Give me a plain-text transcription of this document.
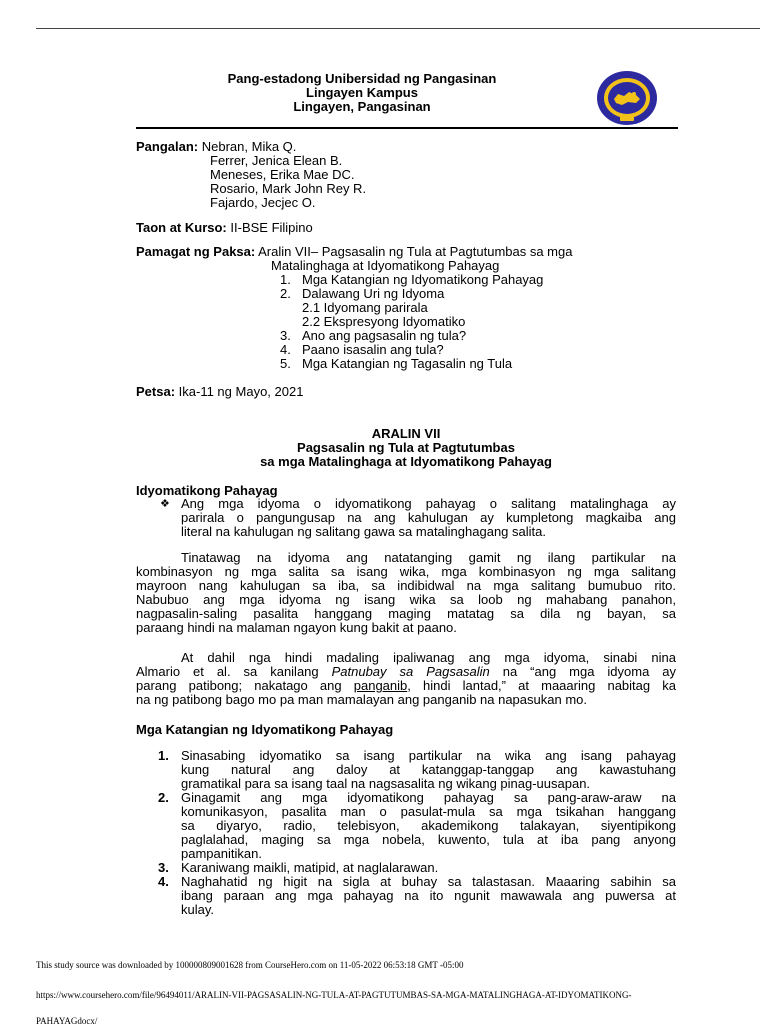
Pang-estadong Unibersidad ng Pangasinan
Lingayen Kampus
Lingayen, Pangasinan
Pangalan: Nebran, Mika Q.
Ferrer, Jenica Elean B.
Meneses, Erika Mae DC.
Rosario, Mark John Rey R.
Fajardo, Jecjec O.
Taon at Kurso: II-BSE Filipino
Pamagat ng Paksa: Aralin VII– Pagsasalin ng Tula at Pagtutumbas sa mga
Matalinghaga at Idyomatikong Pahayag
1. Mga Katangian ng Idyomatikong Pahayag
2. Dalawang Uri ng Idyoma
2.1 Idyomang parirala
2.2 Ekspresyong Idyomatiko
3. Ano ang pagsasalin ng tula?
4. Paano isasalin ang tula?
5. Mga Katangian ng Tagasalin ng Tula
Petsa: Ika-11 ng Mayo, 2021
ARALIN VII
Pagsasalin ng Tula at Pagtutumbas
sa mga Matalinghaga at Idyomatikong Pahayag
Idyomatikong Pahayag
❖ Ang mga idyoma o idyomatikong pahayag o salitang matalinghaga ay
parirala o pangungusap na ang kahulugan ay kumpletong magkaiba ang
literal na kahulugan ng salitang gawa sa matalinghagang salita.
Tinatawag na idyoma ang natatanging gamit ng ilang partikular na
kombinasyon ng mga salita sa isang wika, mga kombinasyon ng mga salitang
mayroon nang kahulugan sa iba, sa indibidwal na mga salitang bumubuo rito.
Nabubuo ang mga idyoma ng isang wika sa loob ng mahabang panahon,
nagpasalin-saling pasalita hanggang maging matatag sa dila ng bayan, sa
paraang hindi na malaman ngayon kung bakit at paano.
At dahil nga hindi madaling ipaliwanag ang mga idyoma, sinabi nina
Almario et al. sa kanilang Patnubay sa Pagsasalin na “ang mga idyoma ay
parang patibong; nakatago ang panganib, hindi lantad,” at maaaring nabitag ka
na ng patibong bago mo pa man mamalayan ang panganib na napasukan mo.
Mga Katangian ng Idyomatikong Pahayag
1. Sinasabing idyomatiko sa isang partikular na wika ang isang pahayag
kung natural ang daloy at katanggap-tanggap ang kawastuhang
gramatikal para sa isang taal na nagsasalita ng wikang pinag-uusapan.
2. Ginagamit ang mga idyomatikong pahayag sa pang-araw-araw na
komunikasyon, pasalita man o pasulat-mula sa mga tsikahan hanggang
sa diyaryo, radio, telebisyon, akademikong talakayan, siyentipikong
paglalahad, maging sa mga nobela, kuwento, tula at iba pang anyong
pampanitikan.
3. Karaniwang maikli, matipid, at naglalarawan.
4. Naghahatid ng higit na sigla at buhay sa talastasan. Maaaring sabihin sa
ibang paraan ang mga pahayag na ito ngunit mawawala ang puwersa at
kulay.
This study source was downloaded by 100000809001628 from CourseHero.com on 11-05-2022 06:53:18 GMT -05:00
https://www.coursehero.com/file/96494011/ARALIN-VII-PAGSASALIN-NG-TULA-AT-PAGTUTUMBAS-SA-MGA-MATALINGHAGA-AT-IDYOMATIKONG-
PAHAYAGdocx/
